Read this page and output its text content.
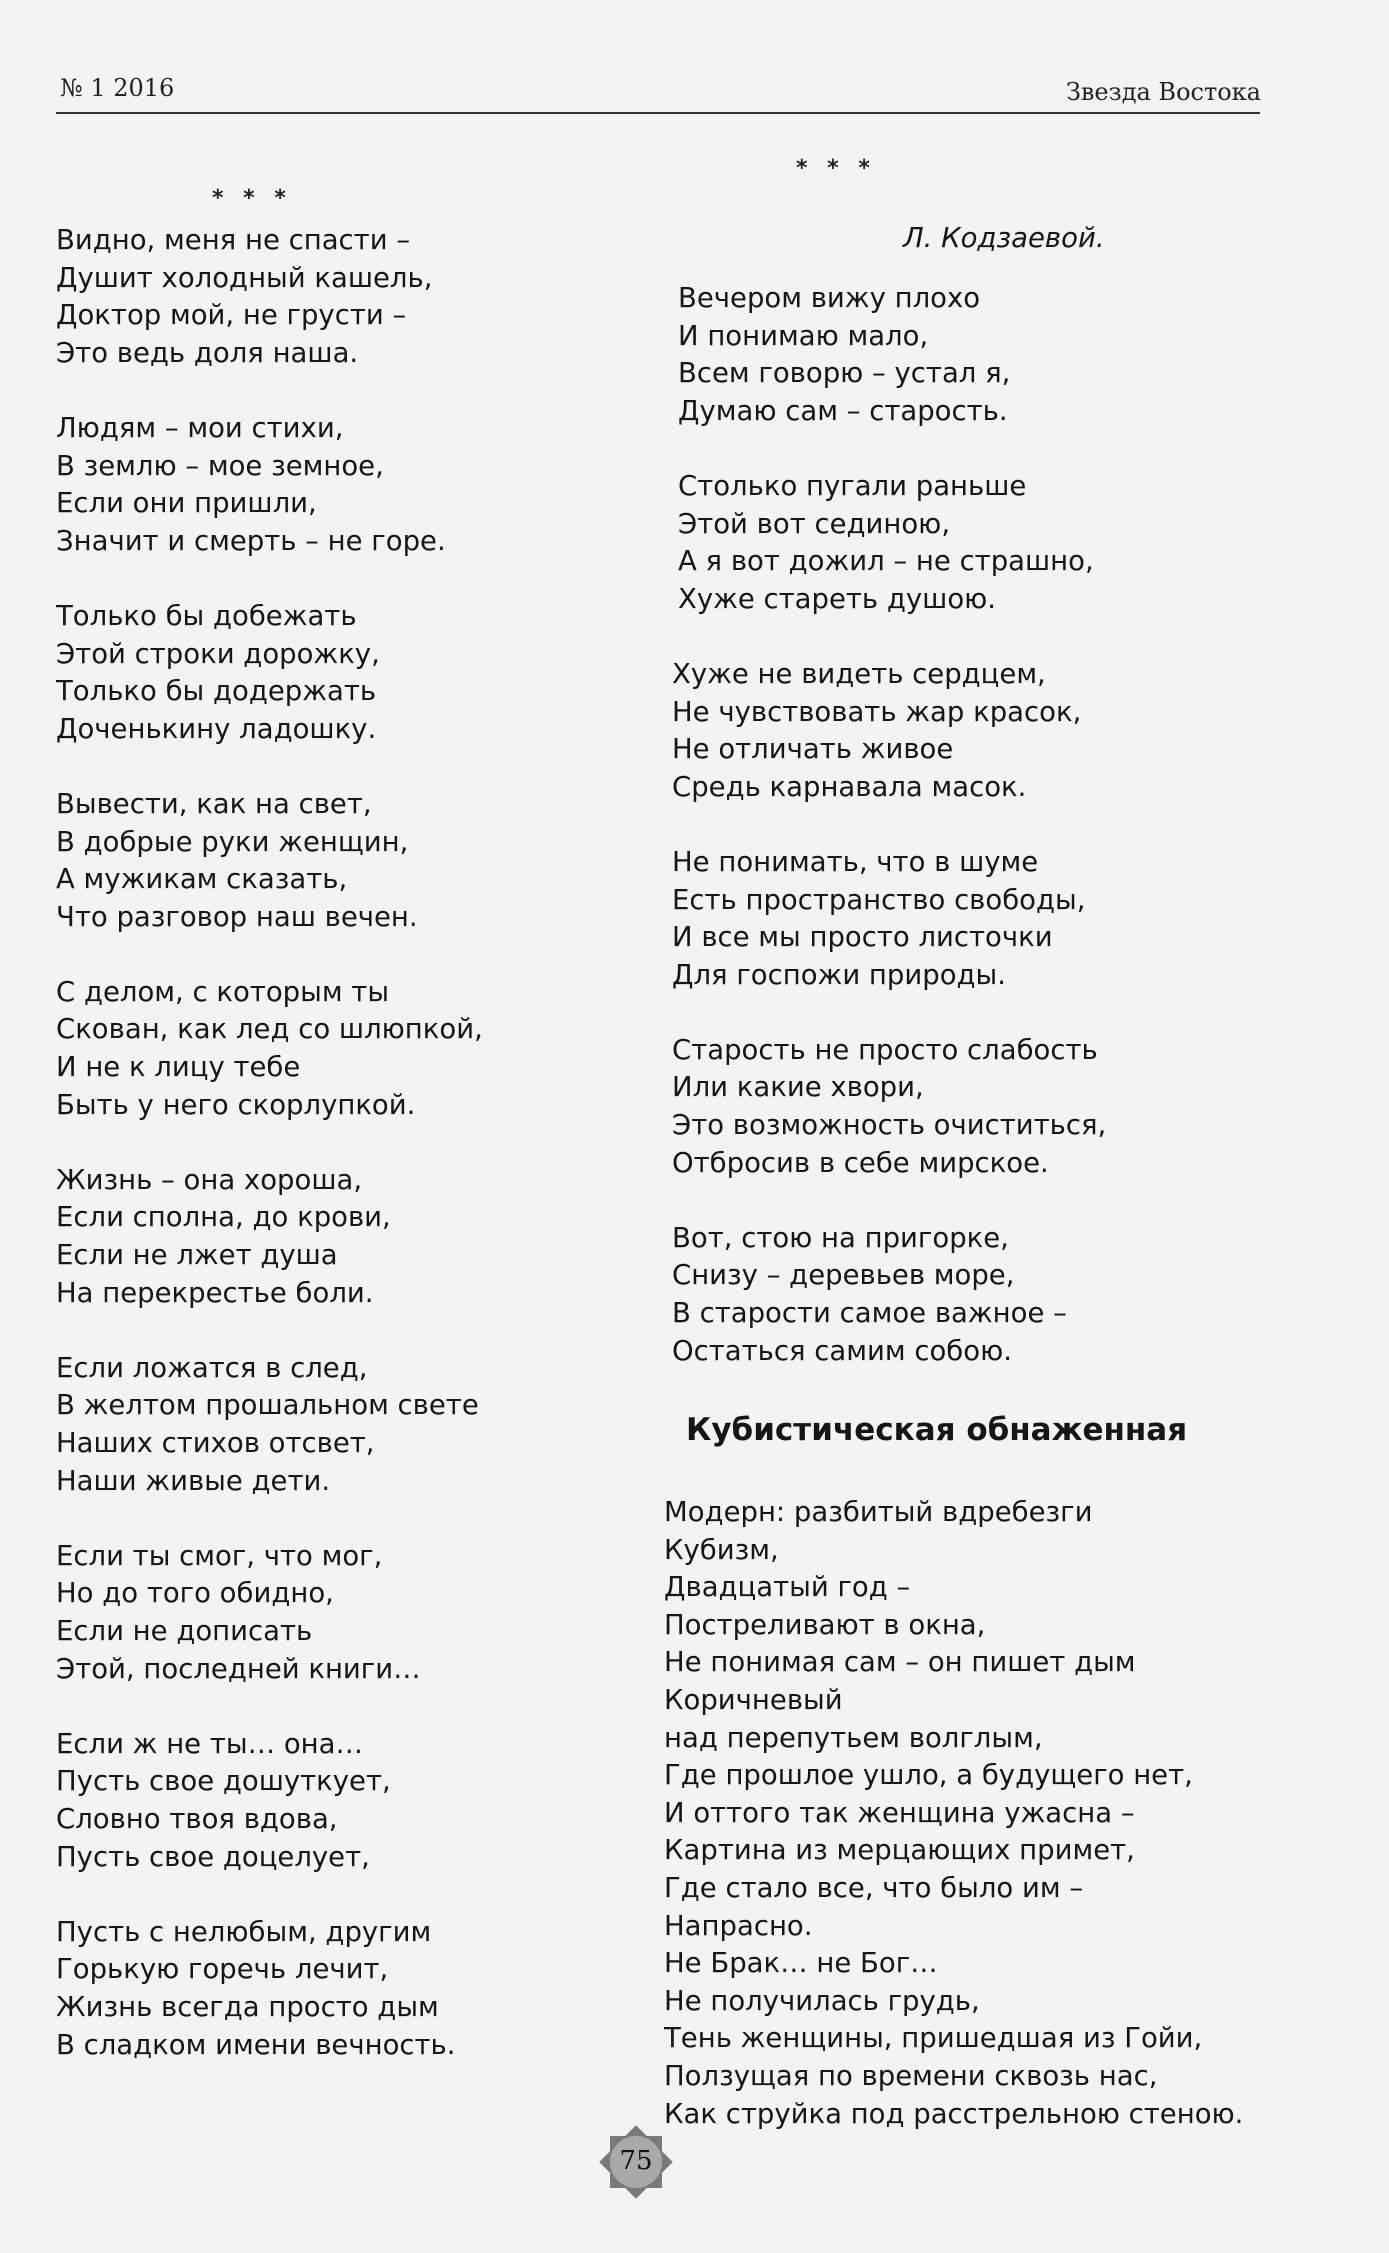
№ 1 2016	Звезда Востока
* * *
* * *
Л. Кодзаевой.
Видно, меня не спасти –
Душит холодный кашель,
Доктор мой, не грусти –
Это ведь доля наша.
Людям – мои стихи,
В землю – мое земное,
Если они пришли,
Значит и смерть – не горе.
Только бы добежать
Этой строки дорожку,
Только бы додержать
Доченькину ладошку.
Вывести, как на свет,
В добрые руки женщин,
А мужикам сказать,
Что разговор наш вечен.
С делом, с которым ты
Скован, как лед со шлюпкой,
И не к лицу тебе
Быть у него скорлупкой.
Жизнь – она хороша,
Если сполна, до крови,
Если не лжет душа
На перекрестье боли.
Если ложатся в след,
В желтом прошальном свете
Наших стихов отсвет,
Наши живые дети.
Если ты смог, что мог,
Но до того обидно,
Если не дописать
Этой, последней книги…
Если ж не ты… она…
Пусть свое дошуткует,
Словно твоя вдова,
Пусть свое доцелует,
Пусть с нелюбым, другим
Горькую горечь лечит,
Жизнь всегда просто дым
В сладком имени вечность.
Вечером вижу плохо
И понимаю мало,
Всем говорю – устал я,
Думаю сам – старость.
Столько пугали раньше
Этой вот сединою,
А я вот дожил – не страшно,
Хуже стареть душою.
Хуже не видеть сердцем,
Не чувствовать жар красок,
Не отличать живое
Средь карнавала масок.
Не понимать, что в шуме
Есть пространство свободы,
И все мы просто листочки
Для госпожи природы.
Старость не просто слабость
Или какие хвори,
Это возможность очиститься,
Отбросив в себе мирское.
Вот, стою на пригорке,
Снизу – деревьев море,
В старости самое важное –
Остаться самим собою.
Кубистическая обнаженная
Модерн: разбитый вдребезги
Кубизм,
Двадцатый год –
Постреливают в окна,
Не понимая сам – он пишет дым
Коричневый
над перепутьем волглым,
Где прошлое ушло, а будущего нет,
И оттого так женщина ужасна –
Картина из мерцающих примет,
Где стало все, что было им –
Напрасно.
Не Брак… не Бог…
Не получилась грудь,
Тень женщины, пришедшая из Гойи,
Ползущая по времени сквозь нас,
Как струйка под расстрельною стеною.
75
